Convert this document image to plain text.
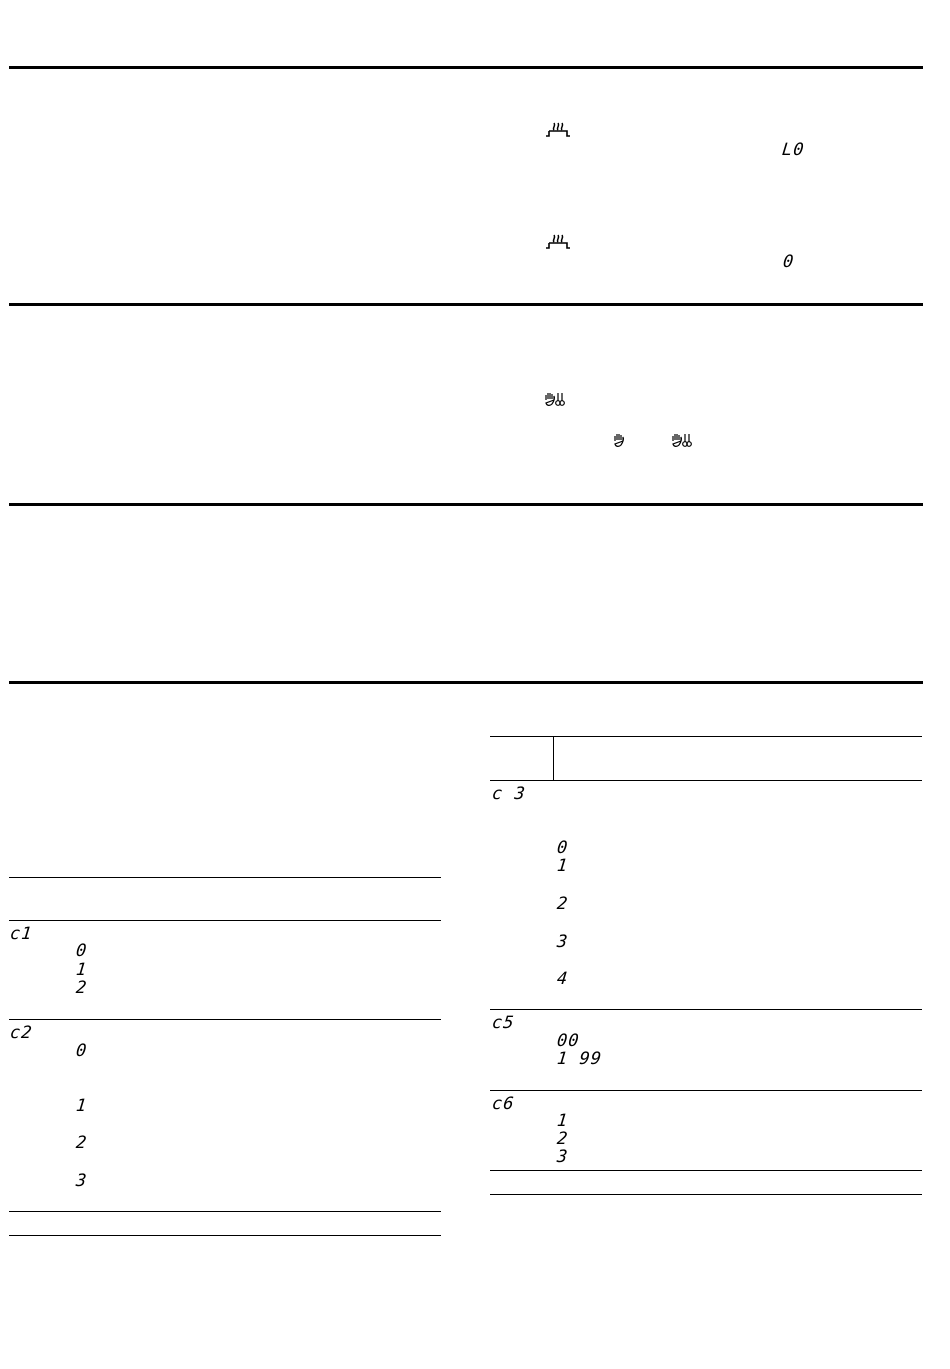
L0
0
c1
0
1
2
c2
0
1
2
3
c 3
0
1
2
3
4
c5
00
1 99
c6
1
2
3
